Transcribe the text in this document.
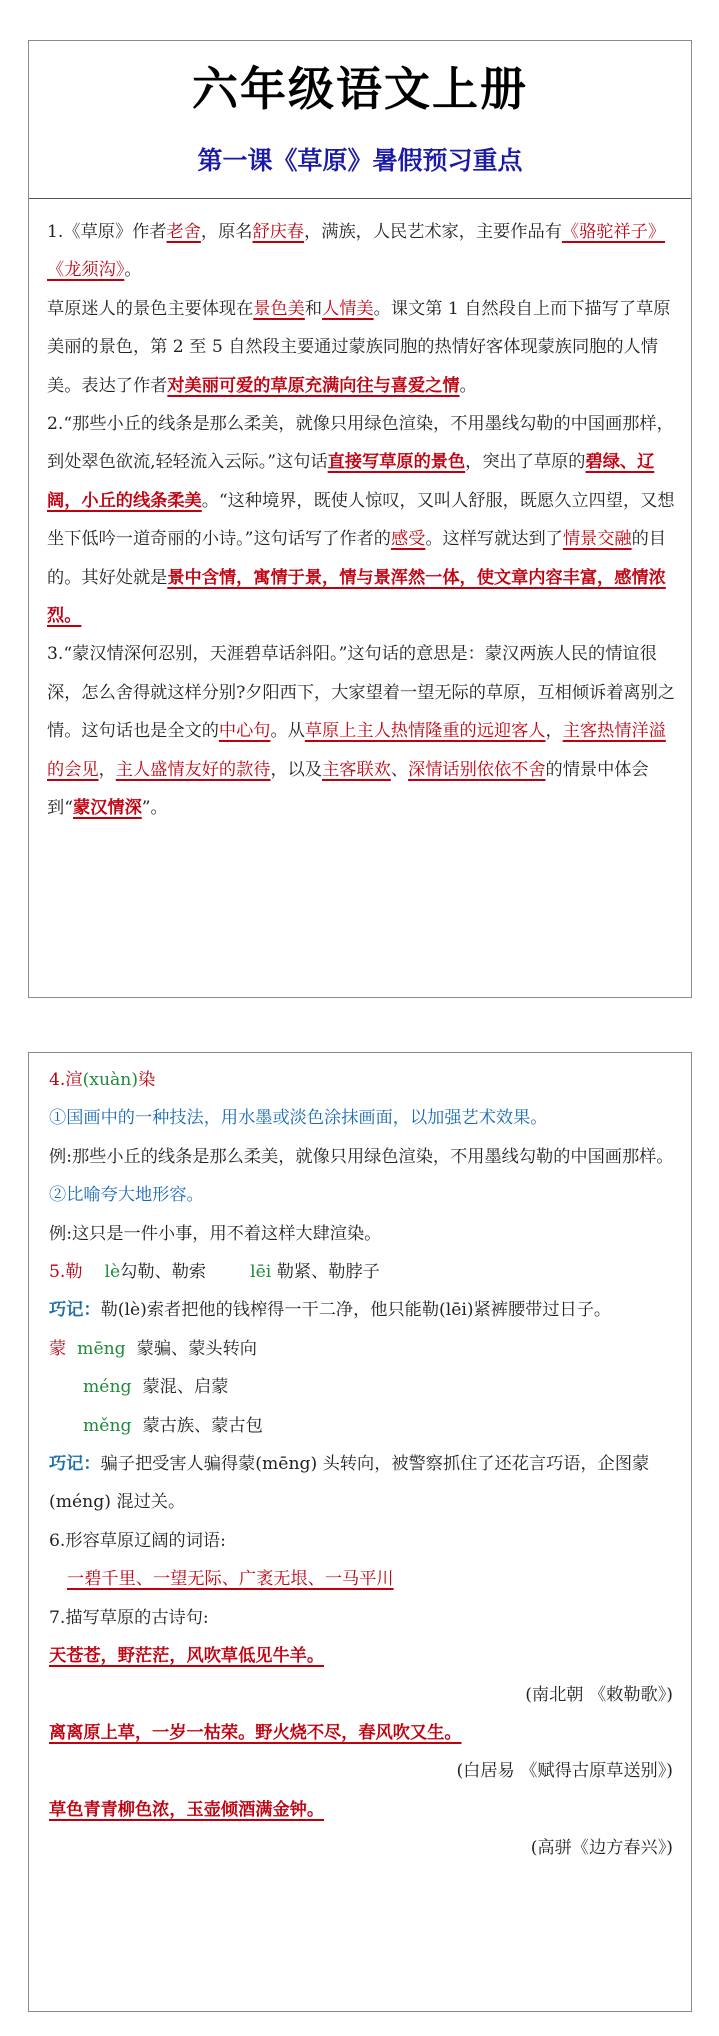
六年级语文上册
第一课《草原》暑假预习重点

1.《草原》作者老舍，原名舒庆春，满族，人民艺术家，主要作品有《骆驼祥子》 《龙须沟》。

草原迷人的景色主要体现在景色美和人情美。课文第 1 自然段自上而下描写了草原美丽的景色，第 2 至 5 自然段主要通过蒙族同胞的热情好客体现蒙族同胞的人情美。表达了作者对美丽可爱的草原充满向往与喜爱之情。

2.“那些小丘的线条是那么柔美，就像只用绿色渲染，不用墨线勾勒的中国画那样，到处翠色欲流,轻轻流入云际。”这句话直接写草原的景色，突出了草原的碧绿、辽阔，小丘的线条柔美。“这种境界，既使人惊叹，又叫人舒服，既愿久立四望，又想坐下低吟一道奇丽的小诗。”这句话写了作者的感受。这样写就达到了情景交融的目的。其好处就是景中含情，寓情于景，情与景浑然一体，使文章内容丰富，感情浓烈。

3.“蒙汉情深何忍别，天涯碧草话斜阳。”这句话的意思是：蒙汉两族人民的情谊很深，怎么舍得就这样分别?夕阳西下，大家望着一望无际的草原，互相倾诉着离别之情。这句话也是全文的中心句。从草原上主人热情隆重的远迎客人，主客热情洋溢的会见，主人盛情友好的款待，以及主客联欢、深情话别依依不舍的情景中体会到“蒙汉情深”。

4.渲(xuàn)染
①国画中的一种技法，用水墨或淡色涂抹画面，以加强艺术效果。
例:那些小丘的线条是那么柔美，就像只用绿色渲染，不用墨线勾勒的中国画那样。
②比喻夸大地形容。
例:这只是一件小事，用不着这样大肆渲染。
5.勒 lè勾勒、勒索	lēi 勒紧、勒脖子
巧记：勒(lè)索者把他的钱榨得一干二净，他只能勒(lēi)紧裤腰带过日子。
蒙 mēng 蒙骗、蒙头转向
méng 蒙混、启蒙
měng 蒙古族、蒙古包
巧记：骗子把受害人骗得蒙(mēng) 头转向，被警察抓住了还花言巧语，企图蒙(méng) 混过关。
6.形容草原辽阔的词语:
一碧千里、一望无际、广袤无垠、一马平川
7.描写草原的古诗句:
天苍苍，野茫茫，风吹草低见牛羊。
(南北朝 《敕勒歌》)
离离原上草，一岁一枯荣。野火烧不尽，春风吹又生。
(白居易 《赋得古原草送别》)
草色青青柳色浓，玉壶倾酒满金钟。
(高骈《边方春兴》)
